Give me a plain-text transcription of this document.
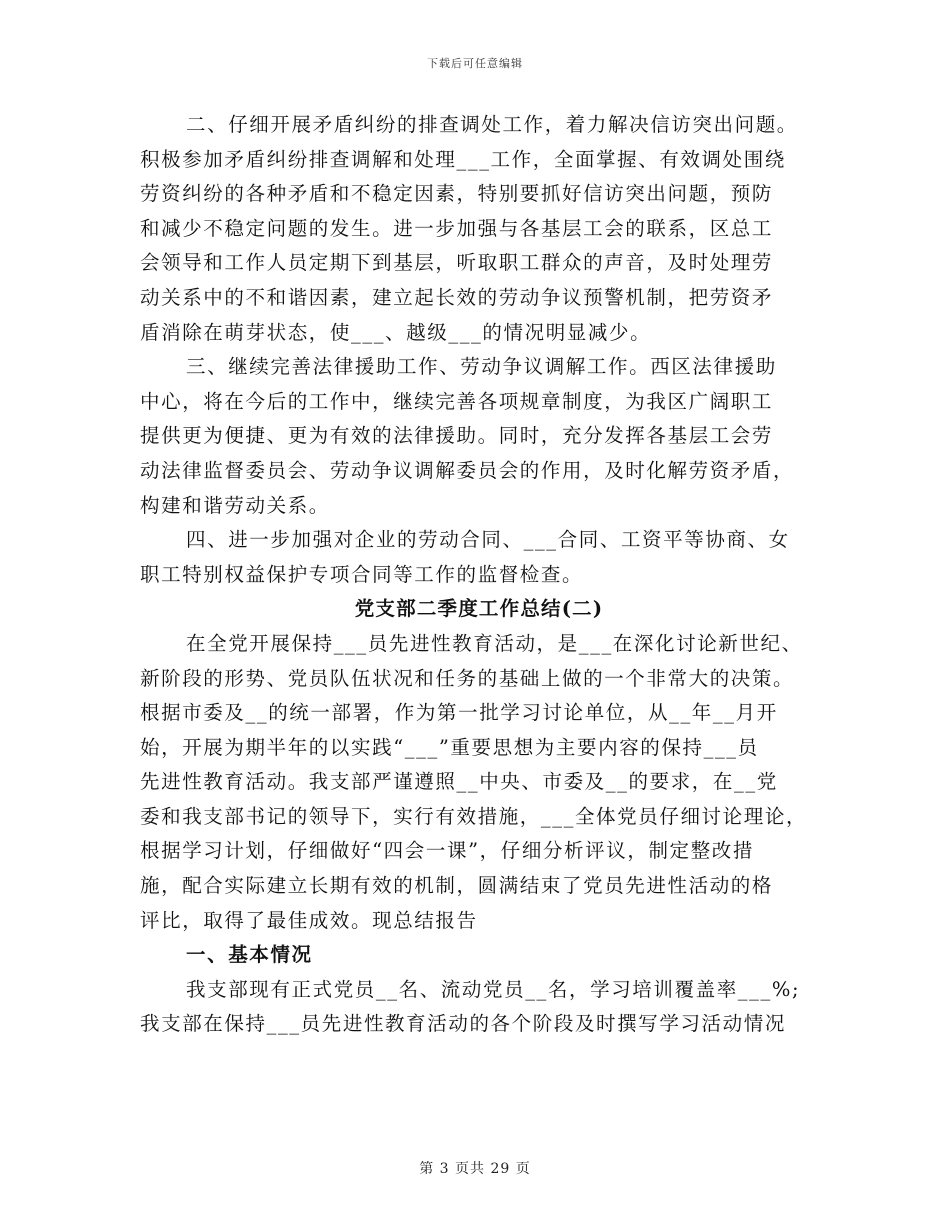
下载后可任意编辑
二、仔细开展矛盾纠纷的排查调处工作，着力解决信访突出问题。
积极参加矛盾纠纷排查调解和处理___工作，全面掌握、有效调处围绕
劳资纠纷的各种矛盾和不稳定因素，特别要抓好信访突出问题，预防
和减少不稳定问题的发生。进一步加强与各基层工会的联系，区总工
会领导和工作人员定期下到基层，听取职工群众的声音，及时处理劳
动关系中的不和谐因素，建立起长效的劳动争议预警机制，把劳资矛
盾消除在萌芽状态，使___、越级___的情况明显减少。
三、继续完善法律援助工作、劳动争议调解工作。西区法律援助
中心，将在今后的工作中，继续完善各项规章制度，为我区广阔职工
提供更为便捷、更为有效的法律援助。同时，充分发挥各基层工会劳
动法律监督委员会、劳动争议调解委员会的作用，及时化解劳资矛盾，
构建和谐劳动关系。
四、进一步加强对企业的劳动合同、___合同、工资平等协商、女
职工特别权益保护专项合同等工作的监督检查。
党支部二季度工作总结(二)
在全党开展保持___员先进性教育活动，是___在深化讨论新世纪、
新阶段的形势、党员队伍状况和任务的基础上做的一个非常大的决策。
根据市委及__的统一部署，作为第一批学习讨论单位，从__年__月开
始，开展为期半年的以实践“___”重要思想为主要内容的保持___员
先进性教育活动。我支部严谨遵照__中央、市委及__的要求，在__党
委和我支部书记的领导下，实行有效措施，___全体党员仔细讨论理论，
根据学习计划，仔细做好“四会一课”，仔细分析评议，制定整改措
施，配合实际建立长期有效的机制，圆满结束了党员先进性活动的格
评比，取得了最佳成效。现总结报告
一、基本情况
我支部现有正式党员__名、流动党员__名，学习培训覆盖率___%;
我支部在保持___员先进性教育活动的各个阶段及时撰写学习活动情况
第 3 页共 29 页
